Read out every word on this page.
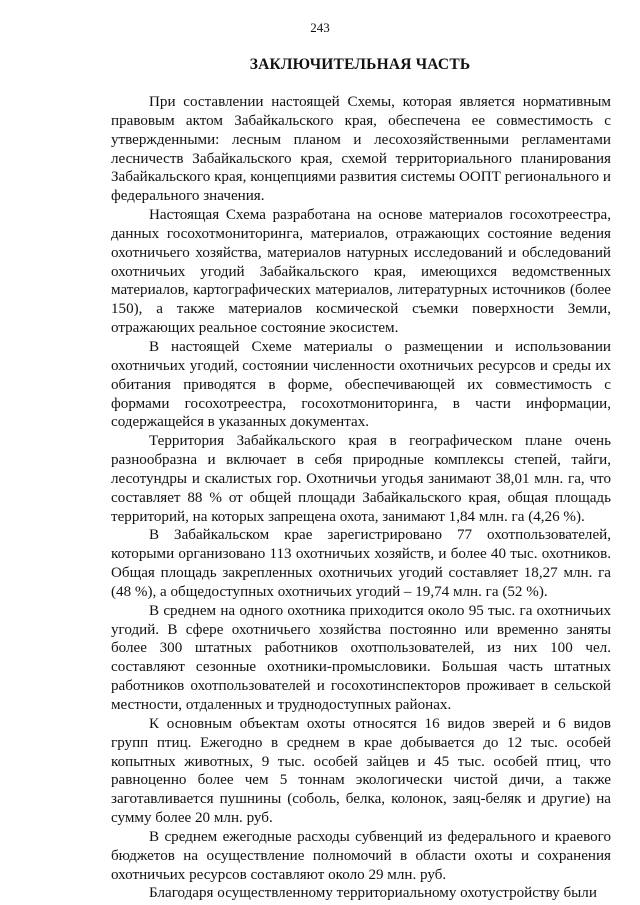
243
ЗАКЛЮЧИТЕЛЬНАЯ ЧАСТЬ

При составлении настоящей Схемы, которая является нормативным правовым актом Забайкальского края, обеспечена ее совместимость с утвержденными: лесным планом и лесохозяйственными регламентами лесничеств Забайкальского края, схемой территориального планирования Забайкальского края, концепциями развития системы ООПТ регионального и федерального значения.

Настоящая Схема разработана на основе материалов госохотреестра, данных госохотмониторинга, материалов, отражающих состояние ведения охотничьего хозяйства, материалов натурных исследований и обследований охотничьих угодий Забайкальского края, имеющихся ведомственных материалов, картографических материалов, литературных источников (более 150), а также материалов космической съемки поверхности Земли, отражающих реальное состояние экосистем.

В настоящей Схеме материалы о размещении и использовании охотничьих угодий, состоянии численности охотничьих ресурсов и среды их обитания приводятся в форме, обеспечивающей их совместимость с формами госохотреестра, госохотмониторинга, в части информации, содержащейся в указанных документах.

Территория Забайкальского края в географическом плане очень разнообразна и включает в себя природные комплексы степей, тайги, лесотундры и скалистых гор. Охотничьи угодья занимают 38,01 млн. га, что составляет 88 % от общей площади Забайкальского края, общая площадь территорий, на которых запрещена охота, занимают 1,84 млн. га (4,26 %).

В Забайкальском крае зарегистрировано 77 охотпользователей, которыми организовано 113 охотничьих хозяйств, и более 40 тыс. охотников. Общая площадь закрепленных охотничьих угодий составляет 18,27 млн. га (48 %), а общедоступных охотничьих угодий – 19,74 млн. га (52 %).

В среднем на одного охотника приходится около 95 тыс. га охотничьих угодий. В сфере охотничьего хозяйства постоянно или временно заняты более 300 штатных работников охотпользователей, из них 100 чел. составляют сезонные охотники-промысловики. Большая часть штатных работников охотпользователей и госохотинспекторов проживает в сельской местности, отдаленных и труднодоступных районах.

К основным объектам охоты относятся 16 видов зверей и 6 видов групп птиц. Ежегодно в среднем в крае добывается до 12 тыс. особей копытных животных, 9 тыс. особей зайцев и 45 тыс. особей птиц, что равноценно более чем 5 тоннам экологически чистой дичи, а также заготавливается пушнины (соболь, белка, колонок, заяц-беляк и другие) на сумму более 20 млн. руб.

В среднем ежегодные расходы субвенций из федерального и краевого бюджетов на осуществление полномочий в области охоты и сохранения охотничьих ресурсов составляют около 29 млн. руб.

Благодаря осуществленному территориальному охотустройству были
